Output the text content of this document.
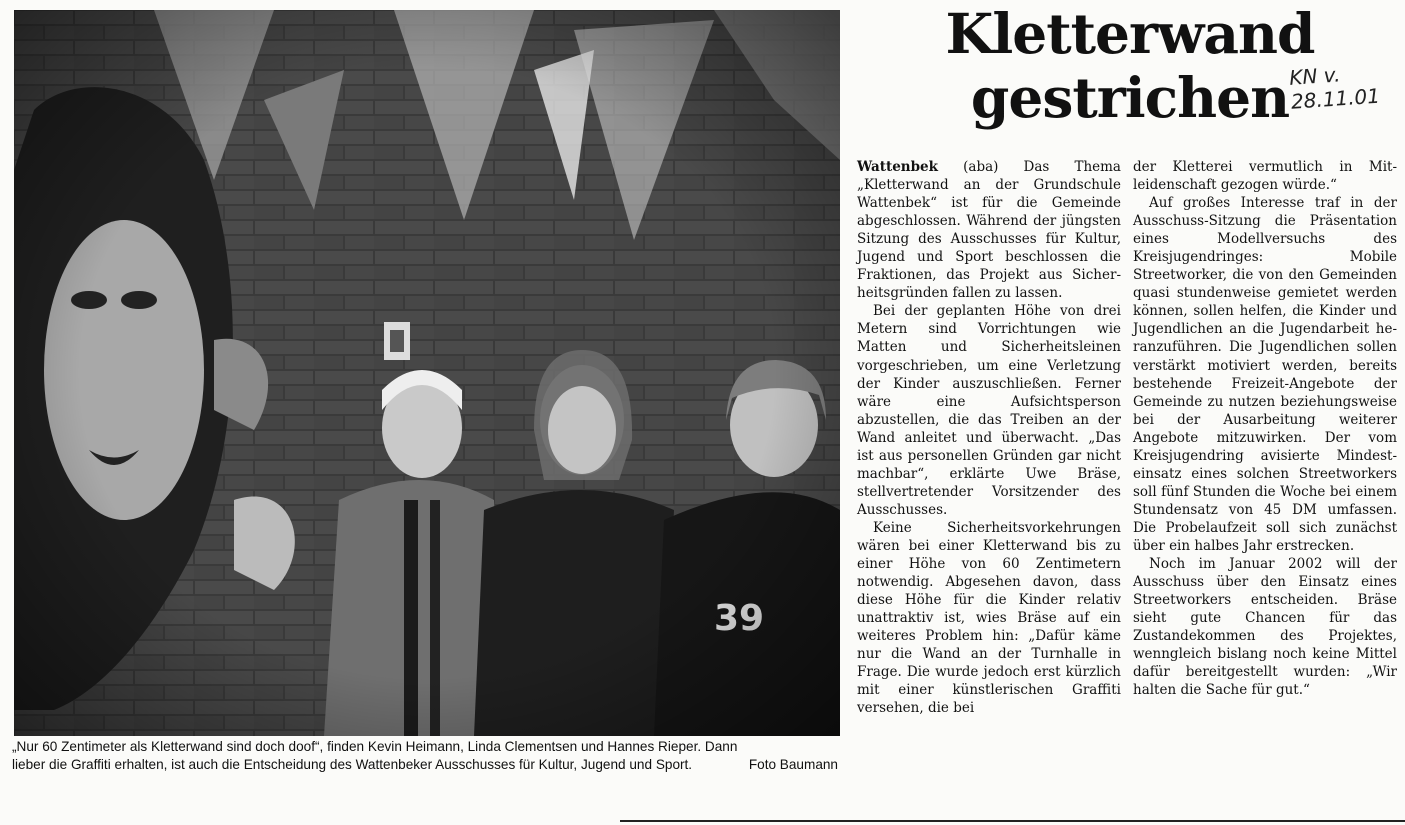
„Nur 60 Zentimeter als Kletterwand sind doch doof“, finden Kevin Heimann, Linda Clementsen und Hannes Rieper. Dann lieber die Graffiti erhalten, ist auch die Entscheidung des Wattenbeker Ausschusses für Kultur, Jugend und Sport.	Foto Baumann
Kletterwand
gestrichen KN v.
28.11.01

Wattenbek (aba) Das Thema „Kletterwand an der Grundschule Wattenbek“ ist für die Gemeinde abgeschlossen. Während der jüngsten Sitzung des Ausschusses für Kultur, Jugend und Sport beschlossen die Fraktionen, das Projekt aus Sicherheitsgründen fallen zu lassen.

Bei der geplanten Höhe von drei Metern sind Vorrichtungen wie Matten und Sicherheitsleinen vorgeschrieben, um eine Verletzung der Kinder auszuschließen. Ferner wäre eine Aufsichtsperson abzustellen, die das Treiben an der Wand anleitet und überwacht. „Das ist aus personellen Gründen gar nicht machbar“, erklärte Uwe Bräse, stellvertretender Vorsitzender des Ausschusses.

Keine Sicherheitsvorkehrungen wären bei einer Kletterwand bis zu einer Höhe von 60 Zentimetern notwendig. Abgesehen davon, dass diese Höhe für die Kinder relativ unattraktiv ist, wies Bräse auf ein weiteres Problem hin: „Dafür käme nur die Wand an der Turnhalle in Frage. Die wurde jedoch erst kürzlich mit einer künstlerischen Graffiti versehen, die bei

der Kletterei vermutlich in Mitleidenschaft gezogen würde.“

Auf großes Interesse traf in der Ausschuss-Sitzung die Präsentation eines Modellversuchs des Kreisjugendringes: Mobile Streetworker, die von den Gemeinden quasi stundenweise gemietet werden können, sollen helfen, die Kinder und Jugendlichen an die Jugendarbeit heranzuführen. Die Jugendlichen sollen verstärkt motiviert werden, bereits bestehende Freizeit-Angebote der Gemeinde zu nutzen beziehungsweise bei der Ausarbeitung weiterer Angebote mitzuwirken. Der vom Kreisjugendring avisierte Mindesteinsatz eines solchen Streetworkers soll fünf Stunden die Woche bei einem Stundensatz von 45 DM umfassen. Die Probelaufzeit soll sich zunächst über ein halbes Jahr erstrecken.

Noch im Januar 2002 will der Ausschuss über den Einsatz eines Streetworkers entscheiden. Bräse sieht gute Chancen für das Zustandekommen des Projektes, wenngleich bislang noch keine Mittel dafür bereitgestellt wurden: „Wir halten die Sache für gut.“
